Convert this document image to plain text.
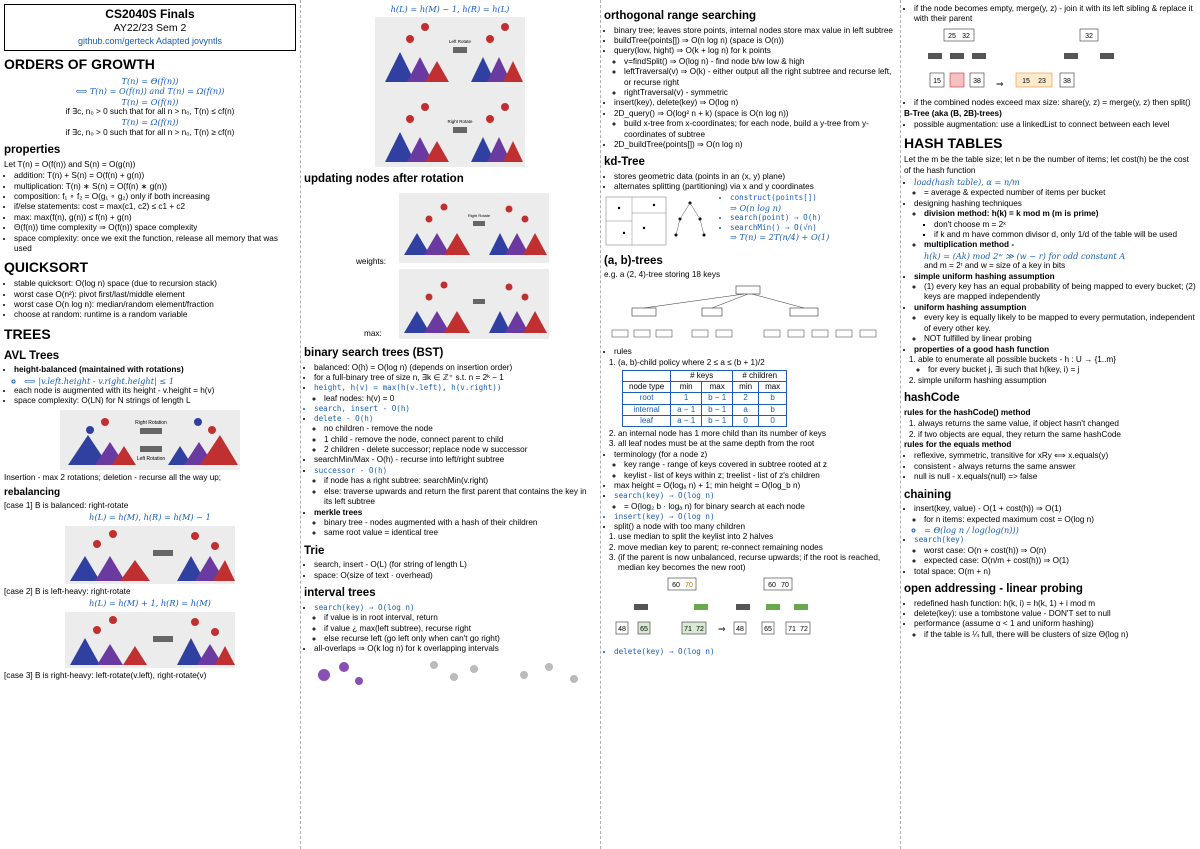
CS2040S Finals
AY22/23 Sem 2
github.com/gerteck Adapted jovyntls
ORDERS OF GROWTH
T(n) = Θ(f(n))
⟺ T(n) = O(f(n)) and T(n) = Ω(f(n))
T(n) = O(f(n))
if ∃c, n₀ > 0 such that for all n > n₀, T(n) ≤ cf(n)
T(n) = Ω(f(n))
if ∃c, n₀ > 0 such that for all n > n₀, T(n) ≥ cf(n)
properties

Let T(n) = O(f(n)) and S(n) = O(g(n))

• addition: T(n) + S(n) = O(f(n) + g(n))
• multiplication: T(n) ∗ S(n) = O(f(n) ∗ g(n))
• composition: f₁ ∘ f₂ = O(g₁ ∘ g₂) only if both increasing
• if/else statements: cost = max(c1, c2) ≤ c1 + c2
• max: max(f(n), g(n)) ≤ f(n) + g(n)
• Θ(f(n)) time complexity ⇒ O(f(n)) space complexity
• space complexity: once we exit the function, release all memory that was used
QUICKSORT
• stable quicksort: O(log n) space (due to recursion stack)
• worst case O(n²): pivot first/last/middle element
• worst case O(n log n): median/random element/fraction
• choose at random: runtime is a random variable
TREES
AVL Trees
• height-balanced (maintained with rotations)
◦ ⟺ |v.left.height - v.right.height| ≤ 1
• each node is augmented with its height - v.height = h(v)
• space complexity: O(LN) for N strings of length L
Right Rotation
Left Rotation

Insertion - max 2 rotations; deletion - recurse all the way up;

rebalancing

[case 1] B is balanced: right-rotate

h(L) = h(M), h(R) = h(M) − 1

[case 2] B is left-heavy: right-rotate

h(L) = h(M) + 1, h(R) = h(M)

[case 3] B is right-heavy: left-rotate(v.left), right-rotate(v)

h(L) = h(M) − 1, h(R) = h(L)
Left Rotate
Right Rotate
updating nodes after rotation
weights:
max:
Right Rotate
binary search trees (BST)
• balanced: O(h) = O(log n) (depends on insertion order)
• for a full-binary tree of size n, ∃k ∈ ℤ⁺ s.t. n = 2ᵏ − 1
• height, h(v) = max(h(v.left), h(v.right))
◦ leaf nodes: h(v) = 0
• search, insert - O(h)
• delete - O(h)
◦ no children - remove the node
◦ 1 child - remove the node, connect parent to child
◦ 2 children - delete successor; replace node w successor
• searchMin/Max - O(h) - recurse into left/right subtree
• successor - O(h)
◦ if node has a right subtree: searchMin(v.right)
◦ else: traverse upwards and return the first parent that contains the key in its left subtree
• merkle trees
◦ binary tree - nodes augmented with a hash of their children
◦ same root value = identical tree
Trie
• search, insert - O(L) (for string of length L)
• space: O(size of text · overhead)
interval trees
• search(key) ⇒ O(log n)
◦ if value is in root interval, return
◦ if value ¿ max(left subtree), recurse right
◦ else recurse left (go left only when can't go right)
• all-overlaps ⇒ O(k log n) for k overlapping intervals
orthogonal range searching
• binary tree; leaves store points, internal nodes store max value in left subtree
• buildTree(points[]) ⇒ O(n log n) (space is O(n))
• query(low, hight) ⇒ O(k + log n) for k points
◦ v=findSplit() ⇒ O(log n) - find node b/w low & high
◦ leftTraversal(v) ⇒ O(k) - either output all the right subtree and recurse left, or recurse right
◦ rightTraversal(v) - symmetric
• insert(key), delete(key) ⇒ O(log n)
• 2D_query() ⇒ O(log² n + k) (space is O(n log n))
◦ build x-tree from x-coordinates; for each node, build a y-tree from y-coordinates of subtree
• 2D_buildTree(points[]) ⇒ O(n log n)
kd-Tree
• stores geometric data (points in an (x, y) plane)
• alternates splitting (partitioning) via x and y coordinates
• construct(points[])
⇒ O(n log n)
• search(point) ⇒ O(h)
• searchMin() ⇒ O(√n)
⇒ T(n) = 2T(n/4) + O(1)
(a, b)-trees

e.g. a (2, 4)-tree storing 18 keys

• rules
1. (a, b)-child policy where 2 ≤ a ≤ (b + 1)/2
	# keys		# children	
node type	min	max	min	max
root	1	b − 1	2	b
internal	a − 1	b − 1	a	b
leaf	a − 1	b − 1	0	0
2. an internal node has 1 more child than its number of keys
3. all leaf nodes must be at the same depth from the root
• terminology (for a node z)
◦ key range - range of keys covered in subtree rooted at z
◦ keylist - list of keys within z; treelist - list of z's children
• max height = O(logₐ n) + 1; min height = O(log_b n)
• search(key) ⇒ O(log n)
◦ = O(log₂ b · logₐ n) for binary search at each node
• insert(key) ⇒ O(log n)
• split() a node with too many children
1. use median to split the keylist into 2 halves
2. move median key to parent; re-connect remaining nodes
3. (if the parent is now unbalanced, recurse upwards; if the root is reached, median key becomes the new root)
60 70
48 65	71 72 ⇒
60 70
48	65 71 72
• delete(key) ⇒ O(log n)
• if the node becomes empty, merge(y, z) - join it with its left sibling & replace it with their parent
25 32
15	38 ⇒
32
15 23 38
• if the combined nodes exceed max size: share(y, z) = merge(y, z) then split()

B-Tree (aka (B, 2B)-trees)

• possible augmentation: use a linkedList to connect between each level
HASH TABLES

Let the m be the table size; let n be the number of items; let cost(h) be the cost of the hash function

• load(hash table), α = n/m
◦ = average & expected number of items per bucket
• designing hashing techniques
◦ division method: h(k) = k mod m (m is prime)
▪ don't choose m = 2ˣ
▪ if k and m have common divisor d, only 1/d of the table will be used
◦ multiplication method -
h(k) = (Ak) mod 2ʷ ≫ (w − r) for odd constant A
and m = 2ʳ and w = size of a key in bits
• simple uniform hashing assumption
◦ (1) every key has an equal probability of being mapped to every bucket; (2) keys are mapped independently
• uniform hashing assumption
◦ every key is equally likely to be mapped to every permutation, independent of every other key.
◦ NOT fulfilled by linear probing
• properties of a good hash function
1. able to enumerate all possible buckets - h : U → {1..m}
◦ for every bucket j, ∃i such that h(key, i) = j
2. simple uniform hashing assumption
hashCode

rules for the hashCode() method

1. always returns the same value, if object hasn't changed
2. if two objects are equal, they return the same hashCode

rules for the equals method

• reflexive, symmetric, transitive for xRy ⟺ x.equals(y)
• consistent - always returns the same answer
• null is null - x.equals(null) => false
chaining
• insert(key, value) - O(1 + cost(h)) ⇒ O(1)
◦ for n items: expected maximum cost = O(log n)
◦ = Θ(log n / log(log(n)))
• search(key)
◦ worst case: O(n + cost(h)) ⇒ O(n)
◦ expected case: O(n/m + cost(h)) ⇒ O(1)
• total space: O(m + n)
open addressing - linear probing
• redefined hash function: h(k, i) = h(k, 1) + i mod m
• delete(key): use a tombstone value - DON'T set to null
• performance (assume α < 1 and uniform hashing)
◦ if the table is ¼ full, there will be clusters of size Θ(log n)
